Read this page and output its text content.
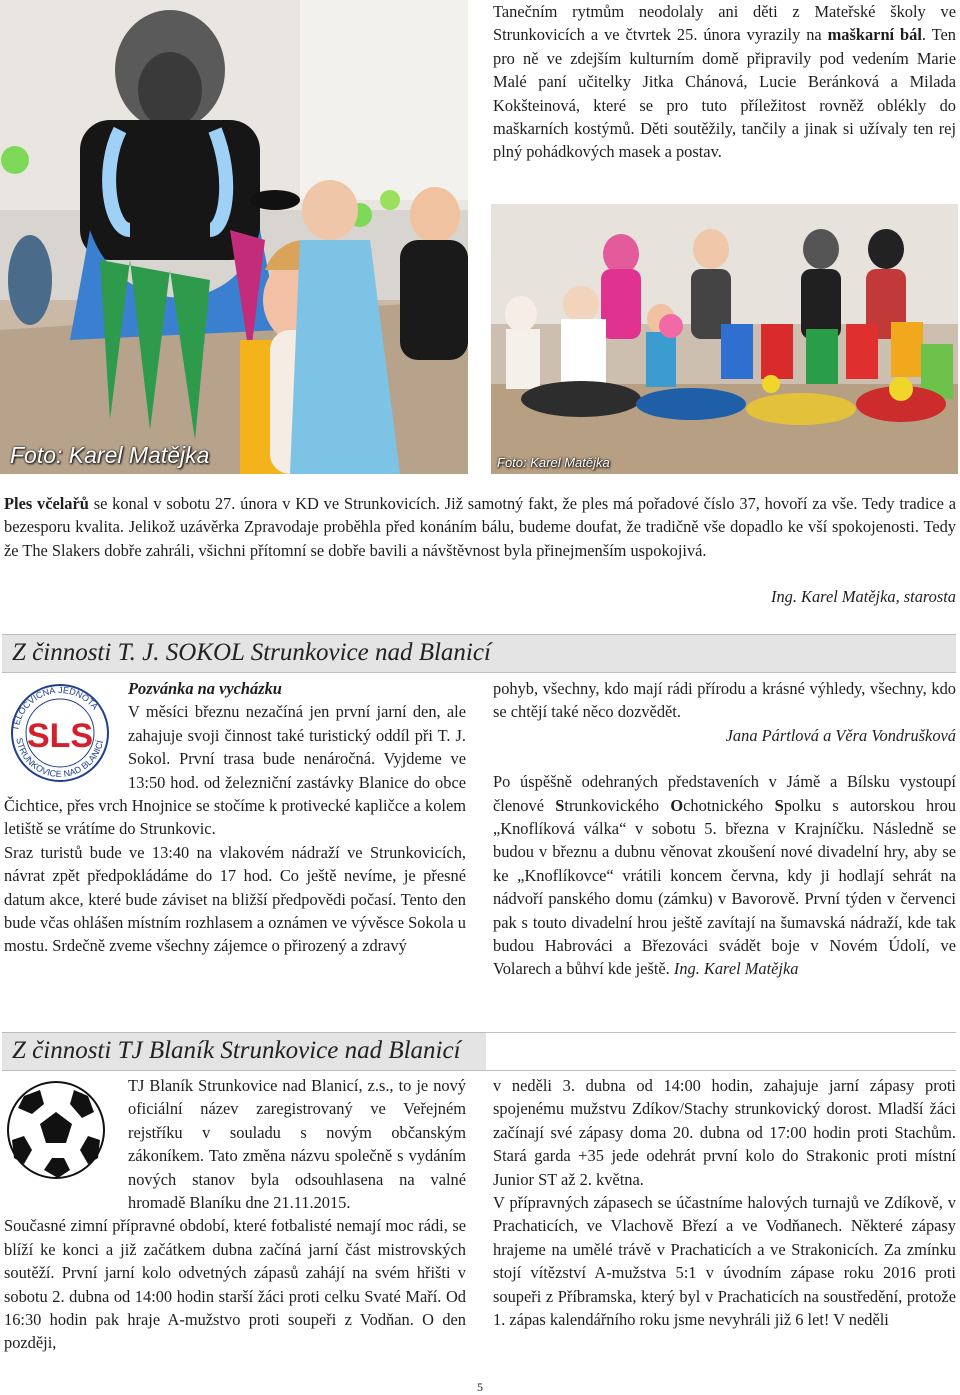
Foto: Karel Matějka

Tanečním rytmům neodolaly ani děti z Mateřské školy ve Strunkovicích a ve čtvrtek 25. února vyrazily na maškarní bál. Ten pro ně ve zdejším kulturním domě připravily pod vedením Marie Malé paní učitelky Jitka Chánová, Lucie Beránková a Milada Kokšteinová, které se pro tuto příležitost rovněž oblékly do maškarních kostýmů. Děti soutěžily, tančily a jinak si užívaly ten rej plný pohádkových masek a postav.

Foto: Karel Matějka

Ples včelařů se konal v sobotu 27. února v KD ve Strunkovicích. Již samotný fakt, že ples má pořadové číslo 37, hovoří za vše. Tedy tradice a bezesporu kvalita. Jelikož uzávěrka Zpravodaje proběhla před konáním bálu, budeme doufat, že tradičně vše dopadlo ke vší spokojenosti. Tedy že The Slakers dobře zahráli, všichni přítomní se dobře bavili a návštěvnost byla přinejmenším uspokojivá.

Ing. Karel Matějka, starosta
Z činnosti T. J. SOKOL Strunkovice nad Blanicí
TĚLOCVIČNÁ JEDNOTA
STRUNKOVICE NAD BLANICÍ
SLS

Pozvánka na vycházku

V měsíci březnu nezačíná jen první jarní den, ale zahajuje svoji činnost také turistický oddíl při T. J. Sokol. První trasa bude nenáročná. Vyjdeme ve 13:50 hod. od železniční zastávky Blanice do obce Čichtice, přes vrch Hnojnice se stočíme k protivecké kapličce a kolem letiště se vrátíme do Strunkovic.

Sraz turistů bude ve 13:40 na vlakovém nádraží ve Strunkovicích, návrat zpět předpokládáme do 17 hod. Co ještě nevíme, je přesné datum akce, které bude záviset na bližší předpovědi počasí. Tento den bude včas ohlášen místním rozhlasem a oznámen ve vývěsce Sokola u mostu. Srdečně zveme všechny zájemce o přirozený a zdravý

pohyb, všechny, kdo mají rádi přírodu a krásné výhledy, všechny, kdo se chtějí také něco dozvědět.

Jana Pártlová a Věra Vondrušková

Po úspěšně odehraných představeních v Jámě a Bílsku vystoupí členové Strunkovického Ochotnického Spolku s autorskou hrou „Knoflíková válka“ v sobotu 5. března v Krajníčku. Následně se budou v březnu a dubnu věnovat zkoušení nové divadelní hry, aby se ke „Knoflíkovce“ vrátili koncem června, kdy ji hodlají sehrát na nádvoří panského domu (zámku) v Bavorově. První týden v červenci pak s touto divadelní hrou ještě zavítají na šumavská nádraží, kde tak budou Habrováci a Březováci svádět boje v Novém Údolí, ve Volarech a bůhví kde ještě. Ing. Karel Matějka

Z činnosti TJ Blaník Strunkovice nad Blanicí

TJ Blaník Strunkovice nad Blanicí, z.s., to je nový oficiální název zaregistrovaný ve Veřejném rejstříku v souladu s novým občanským zákoníkem. Tato změna názvu společně s vydáním nových stanov byla odsouhlasena na valné hromadě Blaníku dne 21.11.2015.

Současné zimní přípravné období, které fotbalisté nemají moc rádi, se blíží ke konci a již začátkem dubna začíná jarní část mistrovských soutěží. První jarní kolo odvetných zápasů zahájí na svém hřišti v sobotu 2. dubna od 14:00 hodin starší žáci proti celku Svaté Maří. Od 16:30 hodin pak hraje A-mužstvo proti soupeři z Vodňan. O den později,

v neděli 3. dubna od 14:00 hodin, zahajuje jarní zápasy proti spojenému mužstvu Zdíkov/Stachy strunkovický dorost. Mladší žáci začínají své zápasy doma 20. dubna od 17:00 hodin proti Stachům. Stará garda +35 jede odehrát první kolo do Strakonic proti místní Junior ST až 2. května.

V přípravných zápasech se účastníme halových turnajů ve Zdíkově, v Prachaticích, ve Vlachově Březí a ve Vodňanech. Některé zápasy hrajeme na umělé trávě v Prachaticích a ve Strakonicích. Za zmínku stojí vítězství A-mužstva 5:1 v úvodním zápase roku 2016 proti soupeři z Příbramska, který byl v Prachaticích na soustředění, protože 1. zápas kalendářního roku jsme nevyhráli již 6 let! V neděli

5
